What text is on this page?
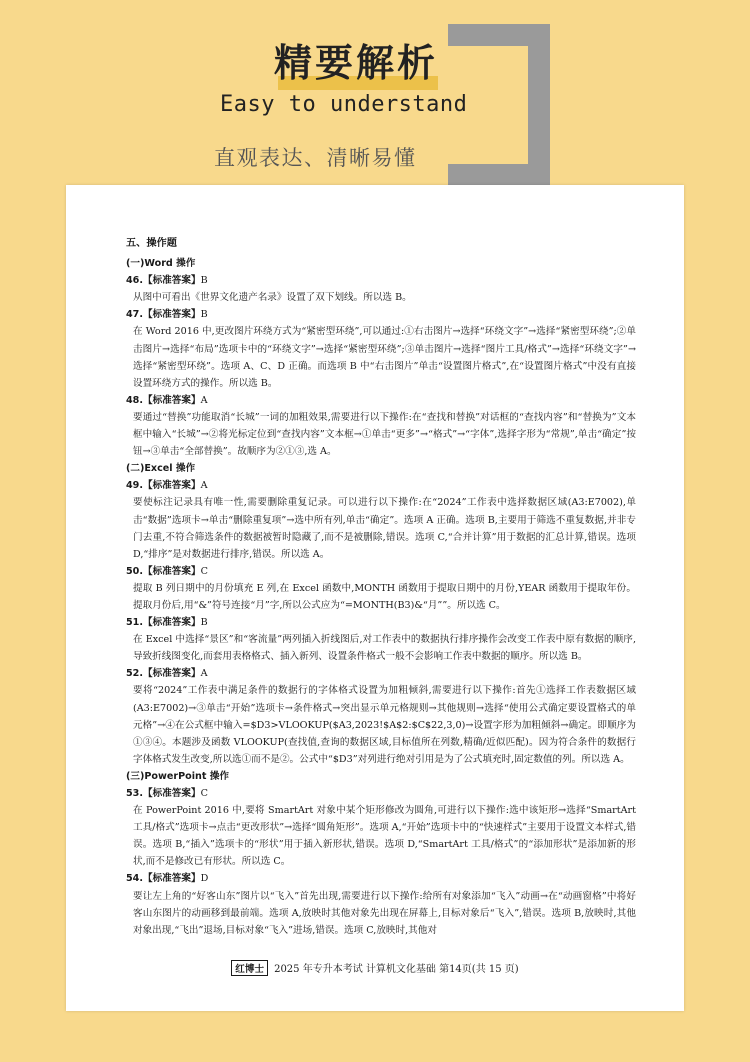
精要解析

Easy to understand

直观表达、清晰易懂

五、操作题

(一)Word 操作

46.【标准答案】B

从图中可看出《世界文化遗产名录》设置了双下划线。所以选 B。

47.【标准答案】B

在 Word 2016 中,更改图片环绕方式为“紧密型环绕”,可以通过:①右击图片→选择“环绕文字”→选择“紧密型环绕”;②单击图片→选择“布局”选项卡中的“环绕文字”→选择“紧密型环绕”;③单击图片→选择“图片工具/格式”→选择“环绕文字”→选择“紧密型环绕”。选项 A、C、D 正确。而选项 B 中“右击图片”单击“设置图片格式”,在“设置图片格式”中没有直接设置环绕方式的操作。所以选 B。

48.【标准答案】A

要通过“替换”功能取消“长城”一词的加粗效果,需要进行以下操作:在“查找和替换”对话框的“查找内容”和“替换为”文本框中输入“长城”→②将光标定位到“查找内容”文本框→①单击“更多”→“格式”→“字体”,选择字形为“常规”,单击“确定”按钮→③单击“全部替换”。故顺序为②①③,选 A。

(二)Excel 操作

49.【标准答案】A

要使标注记录具有唯一性,需要删除重复记录。可以进行以下操作:在“2024”工作表中选择数据区域(A3:E7002),单击“数据”选项卡→单击“删除重复项”→选中所有列,单击“确定”。选项 A 正确。选项 B,主要用于筛选不重复数据,并非专门去重,不符合筛选条件的数据被暂时隐藏了,而不是被删除,错误。选项 C,“合并计算”用于数据的汇总计算,错误。选项 D,“排序”是对数据进行排序,错误。所以选 A。

50.【标准答案】C

提取 B 列日期中的月份填充 E 列,在 Excel 函数中,MONTH 函数用于提取日期中的月份,YEAR 函数用于提取年份。提取月份后,用“&”符号连接“月”字,所以公式应为“=MONTH(B3)&“月””。所以选 C。

51.【标准答案】B

在 Excel 中选择“景区”和“客流量”两列插入折线图后,对工作表中的数据执行排序操作会改变工作表中原有数据的顺序,导致折线图变化,而套用表格格式、插入新列、设置条件格式一般不会影响工作表中数据的顺序。所以选 B。

52.【标准答案】A

要将“2024”工作表中满足条件的数据行的字体格式设置为加粗倾斜,需要进行以下操作:首先①选择工作表数据区域(A3:E7002)→③单击“开始”选项卡→条件格式→突出显示单元格规则→其他规则→选择“使用公式确定要设置格式的单元格”→④在公式框中输入=$D3>VLOOKUP($A3,2023!$A$2:$C$22,3,0)→设置字形为加粗倾斜→确定。即顺序为①③④。本题涉及函数 VLOOKUP(查找值,查询的数据区域,目标值所在列数,精确/近似匹配)。因为符合条件的数据行字体格式发生改变,所以选①而不是②。公式中“$D3”对列进行绝对引用是为了公式填充时,固定数值的列。所以选 A。

(三)PowerPoint 操作

53.【标准答案】C

在 PowerPoint 2016 中,要将 SmartArt 对象中某个矩形修改为圆角,可进行以下操作:选中该矩形→选择“SmartArt 工具/格式”选项卡→点击“更改形状”→选择“圆角矩形”。选项 A,“开始”选项卡中的“快速样式”主要用于设置文本样式,错误。选项 B,“插入”选项卡的“形状”用于插入新形状,错误。选项 D,“SmartArt 工具/格式”的“添加形状”是添加新的形状,而不是修改已有形状。所以选 C。

54.【标准答案】D

要让左上角的“好客山东”图片以“飞入”首先出现,需要进行以下操作:给所有对象添加“飞入”动画→在“动画窗格”中将好客山东图片的动画移到最前端。选项 A,放映时其他对象先出现在屏幕上,目标对象后“飞入”,错误。选项 B,放映时,其他对象出现,“飞出”退场,目标对象“飞入”进场,错误。选项 C,放映时,其他对

红博士 2025 年专升本考试 计算机文化基础 第14页(共 15 页)
